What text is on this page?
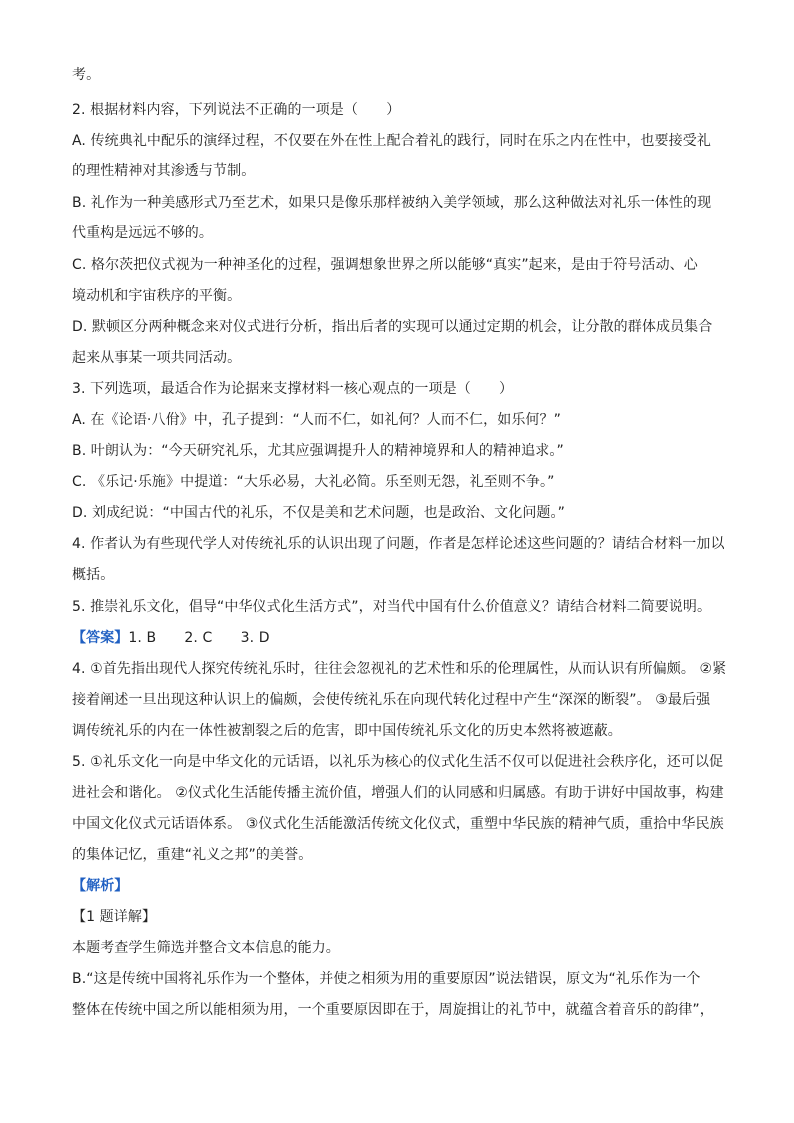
考。
2. 根据材料内容，下列说法不正确的一项是（　　）
A. 传统典礼中配乐的演绎过程，不仅要在外在性上配合着礼的践行，同时在乐之内在性中，也要接受礼
的理性精神对其渗透与节制。
B. 礼作为一种美感形式乃至艺术，如果只是像乐那样被纳入美学领域，那么这种做法对礼乐一体性的现
代重构是远远不够的。
C. 格尔茨把仪式视为一种神圣化的过程，强调想象世界之所以能够“真实”起来，是由于符号活动、心
境动机和宇宙秩序的平衡。
D. 默顿区分两种概念来对仪式进行分析，指出后者的实现可以通过定期的机会，让分散的群体成员集合
起来从事某一项共同活动。
3. 下列选项，最适合作为论据来支撑材料一核心观点的一项是（　　）
A. 在《论语·八佾》中，孔子提到：“人而不仁，如礼何？人而不仁，如乐何？”
B. 叶朗认为：“今天研究礼乐，尤其应强调提升人的精神境界和人的精神追求。”
C. 《乐记·乐施》中提道：“大乐必易，大礼必简。乐至则无怨，礼至则不争。”
D. 刘成纪说：“中国古代的礼乐，不仅是美和艺术问题，也是政治、文化问题。”
4. 作者认为有些现代学人对传统礼乐的认识出现了问题，作者是怎样论述这些问题的？请结合材料一加以
概括。
5. 推崇礼乐文化，倡导“中华仪式化生活方式”，对当代中国有什么价值意义？请结合材料二简要说明。
【答案】1. B　　2. C　　3. D
4. ①首先指出现代人探究传统礼乐时，往往会忽视礼的艺术性和乐的伦理属性，从而认识有所偏颇。 ②紧
接着阐述一旦出现这种认识上的偏颇，会使传统礼乐在向现代转化过程中产生“深深的断裂”。 ③最后强
调传统礼乐的内在一体性被割裂之后的危害，即中国传统礼乐文化的历史本然将被遮蔽。
5. ①礼乐文化一向是中华文化的元话语，以礼乐为核心的仪式化生活不仅可以促进社会秩序化，还可以促
进社会和谐化。 ②仪式化生活能传播主流价值，增强人们的认同感和归属感。有助于讲好中国故事，构建
中国文化仪式元话语体系。 ③仪式化生活能激活传统文化仪式，重塑中华民族的精神气质，重拾中华民族
的集体记忆，重建“礼义之邦”的美誉。
【解析】
【1 题详解】
本题考查学生筛选并整合文本信息的能力。
B.“这是传统中国将礼乐作为一个整体，并使之相须为用的重要原因”说法错误，原文为“礼乐作为一个
整体在传统中国之所以能相须为用，一个重要原因即在于，周旋揖让的礼节中，就蕴含着音乐的韵律”，
